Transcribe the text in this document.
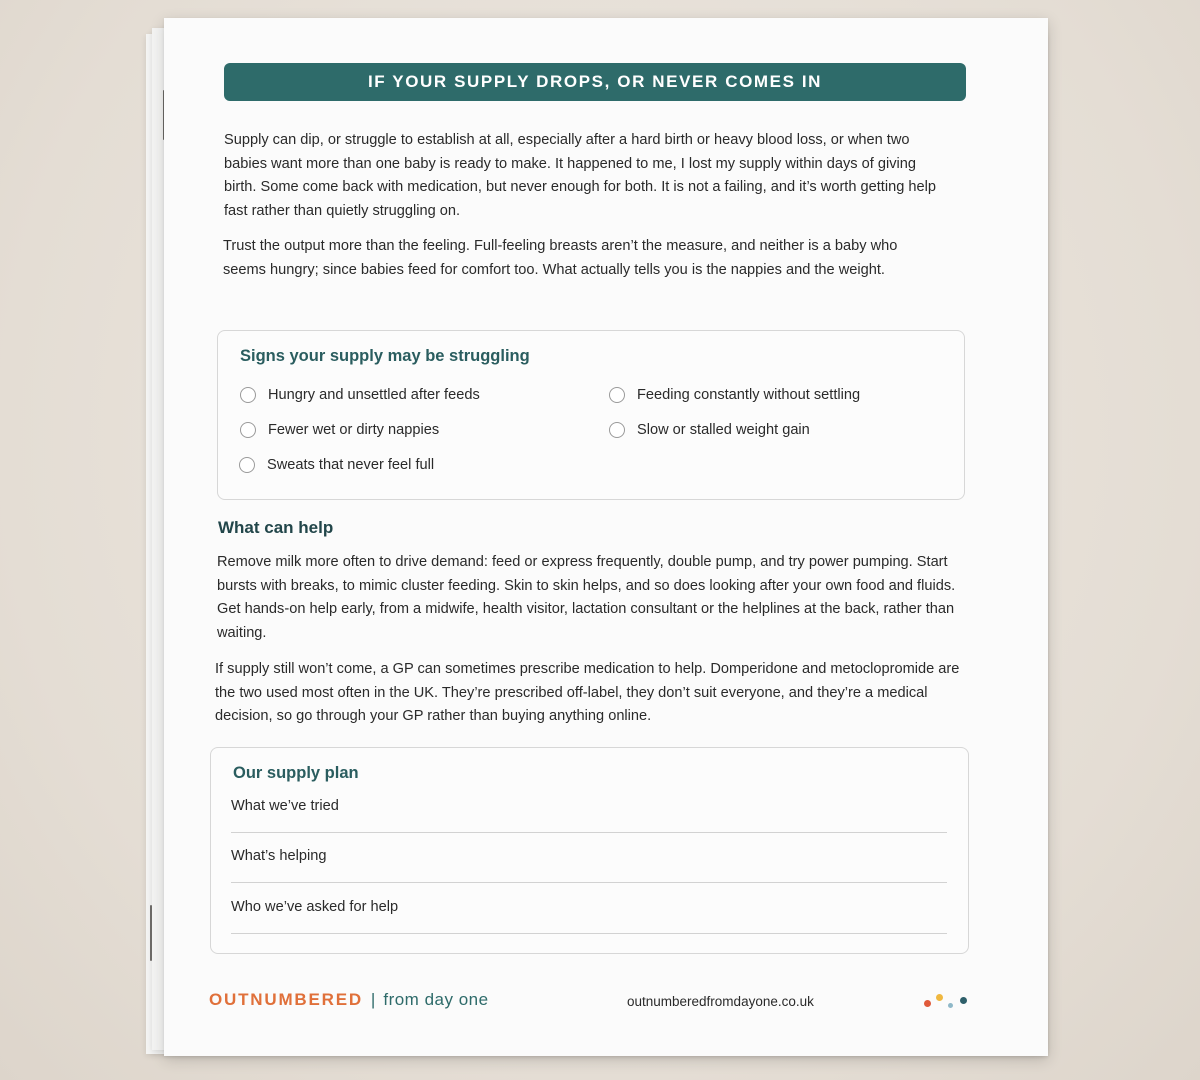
IF YOUR SUPPLY DROPS, OR NEVER COMES IN

Supply can dip, or struggle to establish at all, especially after a hard birth or heavy blood loss, or when two babies want more than one baby is ready to make. It happened to me, I lost my supply within days of giving birth. Some come back with medication, but never enough for both. It is not a failing, and it’s worth getting help fast rather than quietly struggling on.

Trust the output more than the feeling. Full-feeling breasts aren’t the measure, and neither is a baby who seems hungry; since babies feed for comfort too. What actually tells you is the nappies and the weight.

Signs your supply may be struggling
Hungry and unsettled after feeds
Fewer wet or dirty nappies
Sweats that never feel full
Feeding constantly without settling
Slow or stalled weight gain
What can help

Remove milk more often to drive demand: feed or express frequently, double pump, and try power pumping. Start bursts with breaks, to mimic cluster feeding. Skin to skin helps, and so does looking after your own food and fluids. Get hands-on help early, from a midwife, health visitor, lactation consultant or the helplines at the back, rather than waiting.

If supply still won’t come, a GP can sometimes prescribe medication to help. Domperidone and metoclopromide are the two used most often in the UK. They’re prescribed off-label, they don’t suit everyone, and they’re a medical decision, so go through your GP rather than buying anything online.

Our supply plan
What we’ve tried
What’s helping
Who we’ve asked for help
OUTNUMBERED | from day one	outnumberedfromdayone.co.uk
